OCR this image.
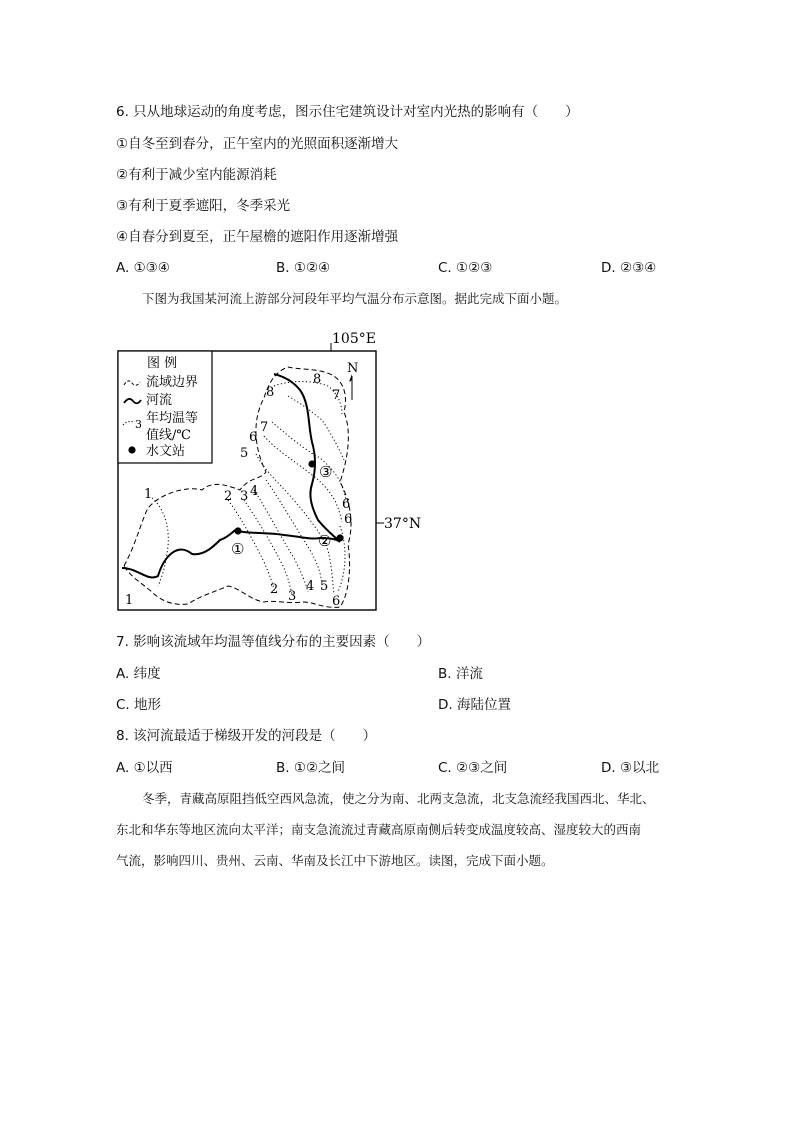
6. 只从地球运动的角度考虑，图示住宅建筑设计对室内光热的影响有（　　）
①自冬至到春分，正午室内的光照面积逐渐增大
②有利于减少室内能源消耗
③有利于夏季遮阳，冬季采光
④自春分到夏至，正午屋檐的遮阳作用逐渐增强
A. ①③④	B. ①②④	C. ①②③	D. ②③④
下图为我国某河流上游部分河段年平均气温分布示意图。据此完成下面小题。
105°E
37°N
N
图 例
流域边界
河流
3 年均温等
值线/℃
水文站
①	②
③
1
1
2 3 4
2 3
4 5
5
6
7
8
8
7
6
6
6
7. 影响该流域年均温等值线分布的主要因素（　　）
A. 纬度	B. 洋流
C. 地形	D. 海陆位置
8. 该河流最适于梯级开发的河段是（　　）
A. ①以西	B. ①②之间	C. ②③之间	D. ③以北
冬季，青藏高原阻挡低空西风急流，使之分为南、北两支急流，北支急流经我国西北、华北、
东北和华东等地区流向太平洋；南支急流流过青藏高原南侧后转变成温度较高、湿度较大的西南
气流，影响四川、贵州、云南、华南及长江中下游地区。读图，完成下面小题。
